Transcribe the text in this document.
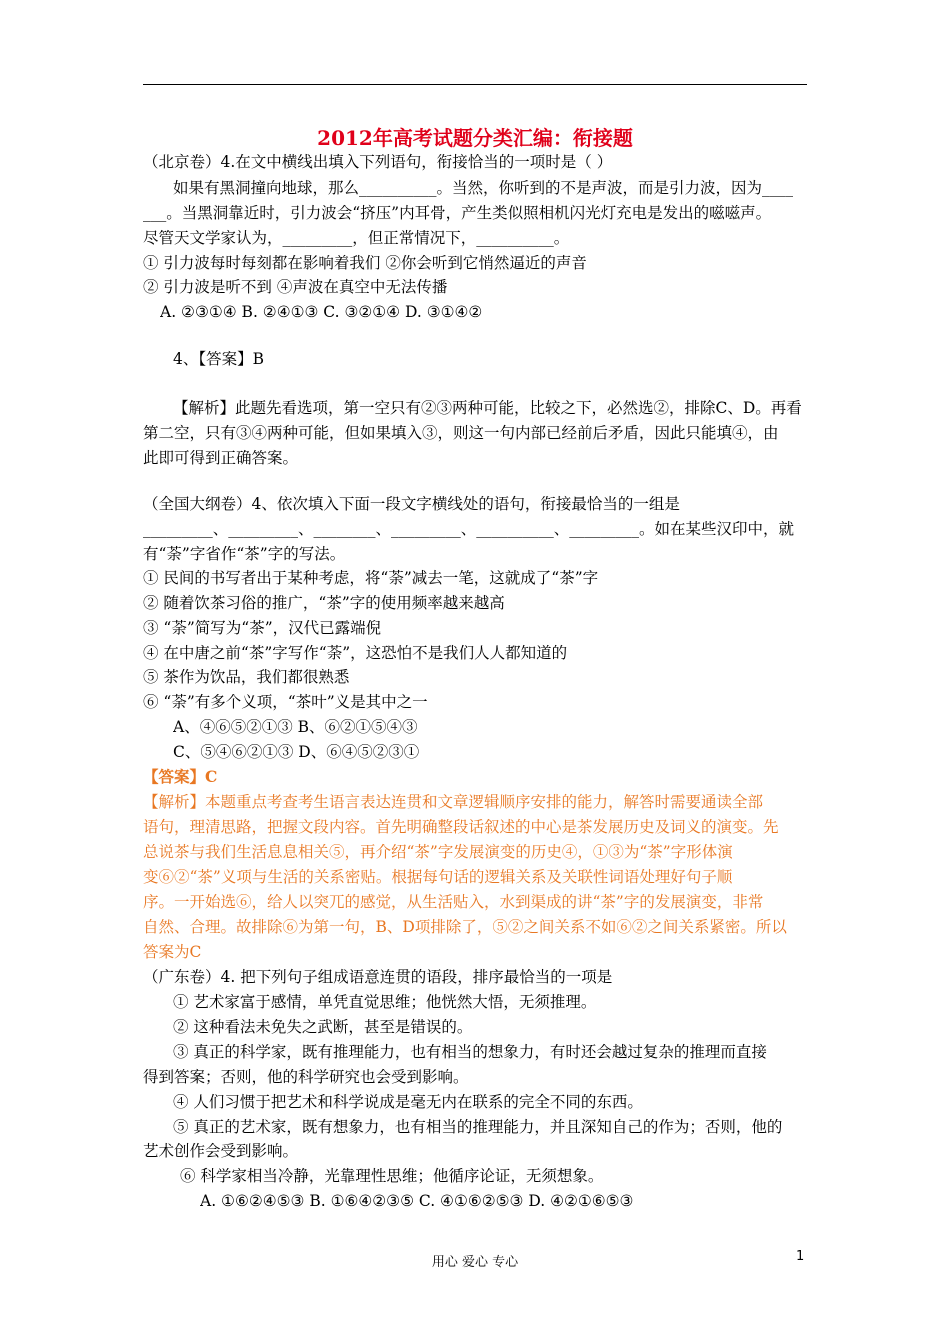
2012年高考试题分类汇编：衔接题
（北京卷）4.在文中横线出填入下列语句，衔接恰当的一项时是（ ）
如果有黑洞撞向地球，那么__________。当然，你听到的不是声波，而是引力波，因为____
___。当黑洞靠近时，引力波会“挤压”内耳骨，产生类似照相机闪光灯充电是发出的嗞嗞声。
尽管天文学家认为，_________，但正常情况下，__________。
① 引力波每时每刻都在影响着我们 ②你会听到它悄然逼近的声音
② 引力波是听不到 ④声波在真空中无法传播
A. ②③①④ B. ②④①③ C. ③②①④ D. ③①④②
4、【答案】B
【解析】此题先看选项，第一空只有②③两种可能，比较之下，必然选②，排除C、D。再看
第二空，只有③④两种可能，但如果填入③，则这一句内部已经前后矛盾，因此只能填④，由
此即可得到正确答案。
（全国大纲卷）4、依次填入下面一段文字横线处的语句，衔接最恰当的一组是
_________、_________、________、_________、__________、_________。如在某些汉印中，就
有“荼”字省作“茶”字的写法。
① 民间的书写者出于某种考虑，将“荼”减去一笔，这就成了“茶”字
② 随着饮茶习俗的推广，“茶”字的使用频率越来越高
③ “荼”简写为“茶”，汉代已露端倪
④ 在中唐之前“茶”字写作“荼”，这恐怕不是我们人人都知道的
⑤ 茶作为饮品，我们都很熟悉
⑥ “荼”有多个义项，“茶叶”义是其中之一
A、④⑥⑤②①③ B、⑥②①⑤④③
C、⑤④⑥②①③ D、⑥④⑤②③①
【答案】C
【解析】本题重点考查考生语言表达连贯和文章逻辑顺序安排的能力，解答时需要通读全部
语句，理清思路，把握文段内容。首先明确整段话叙述的中心是茶发展历史及词义的演变。先
总说茶与我们生活息息相关⑤，再介绍“茶”字发展演变的历史④，①③为“茶”字形体演
变⑥②“茶”义项与生活的关系密贴。根据每句话的逻辑关系及关联性词语处理好句子顺
序。一开始选⑥，给人以突兀的感觉，从生活贴入，水到渠成的讲“茶”字的发展演变，非常
自然、合理。故排除⑥为第一句，B、D项排除了，⑤②之间关系不如⑥②之间关系紧密。所以
答案为C
（广东卷）4. 把下列句子组成语意连贯的语段，排序最恰当的一项是
① 艺术家富于感情，单凭直觉思维；他恍然大悟，无须推理。
② 这种看法未免失之武断，甚至是错误的。
③ 真正的科学家，既有推理能力，也有相当的想象力，有时还会越过复杂的推理而直接
得到答案；否则，他的科学研究也会受到影响。
④ 人们习惯于把艺术和科学说成是毫无内在联系的完全不同的东西。
⑤ 真正的艺术家，既有想象力，也有相当的推理能力，并且深知自己的作为；否则，他的
艺术创作会受到影响。
⑥ 科学家相当冷静，光靠理性思维；他循序论证，无须想象。
A. ①⑥②④⑤③ B. ①⑥④②③⑤ C. ④①⑥②⑤③ D. ④②①⑥⑤③
用心 爱心 专心	1
